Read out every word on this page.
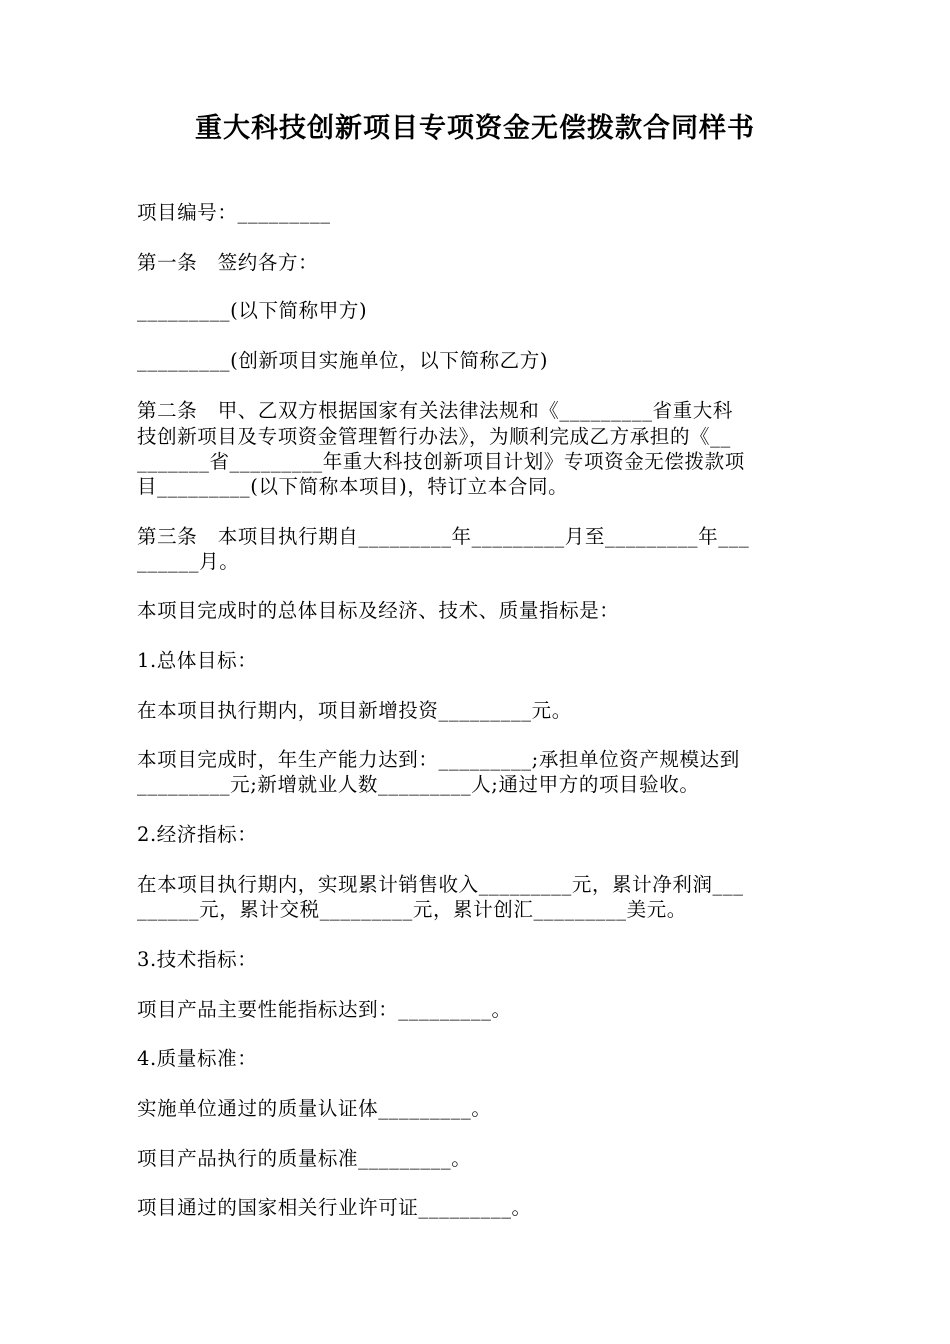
重大科技创新项目专项资金无偿拨款合同样书
项目编号：_________
第一条   签约各方：
_________(以下简称甲方)
_________(创新项目实施单位，以下简称乙方)
第二条   甲、乙双方根据国家有关法律法规和《_________省重大科
技创新项目及专项资金管理暂行办法》，为顺利完成乙方承担的《__
_______省_________年重大科技创新项目计划》专项资金无偿拨款项
目_________(以下简称本项目)，特订立本合同。
第三条   本项目执行期自_________年_________月至_________年___
______月。
本项目完成时的总体目标及经济、技术、质量指标是：
1.总体目标：
在本项目执行期内，项目新增投资_________元。
本项目完成时，年生产能力达到：_________;承担单位资产规模达到
_________元;新增就业人数_________人;通过甲方的项目验收。
2.经济指标：
在本项目执行期内，实现累计销售收入_________元，累计净利润___
______元，累计交税_________元，累计创汇_________美元。
3.技术指标：
项目产品主要性能指标达到：_________。
4.质量标准：
实施单位通过的质量认证体_________。
项目产品执行的质量标准_________。
项目通过的国家相关行业许可证_________。
